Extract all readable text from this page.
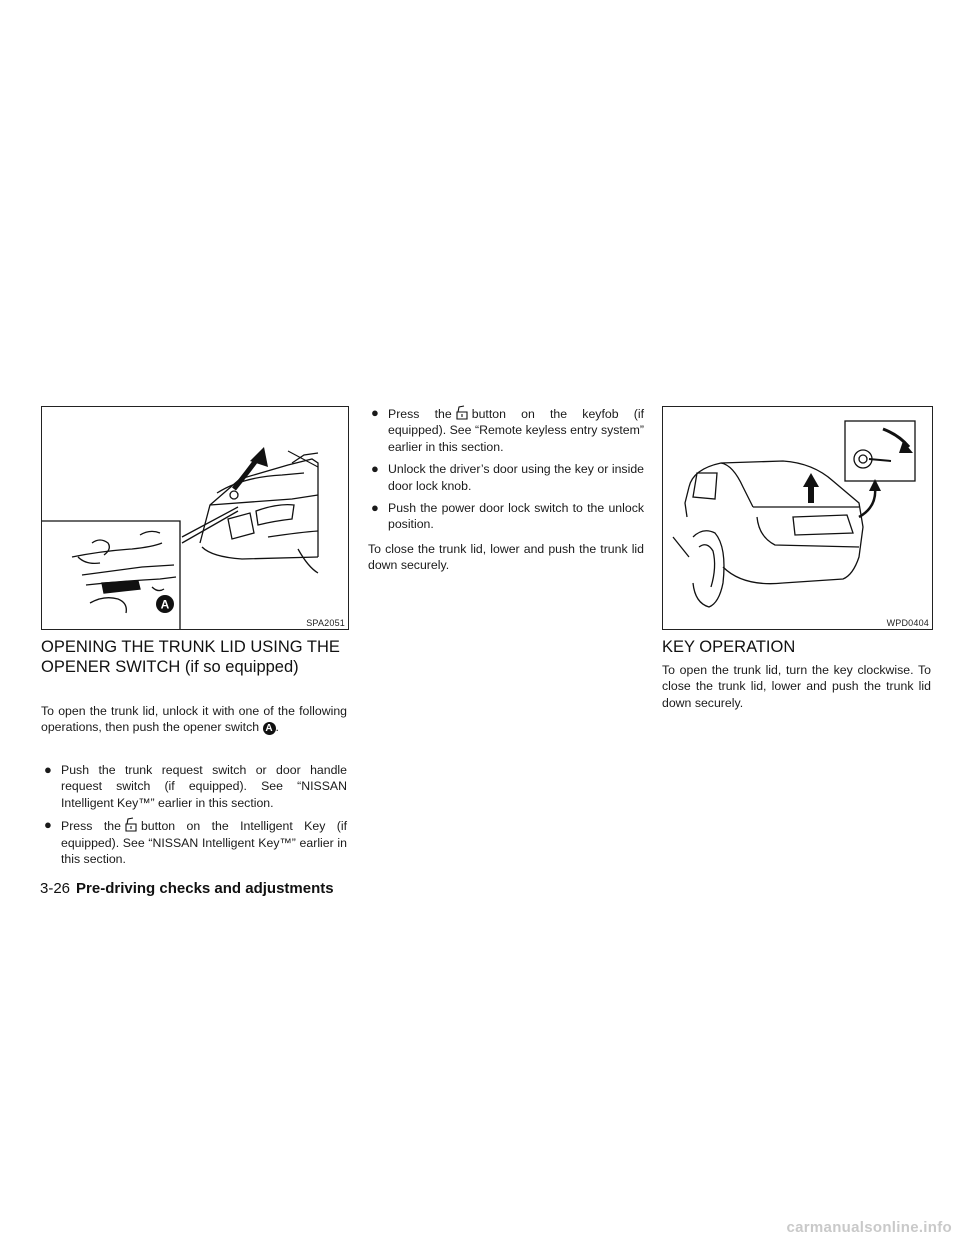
A
SPA2051	WPD0404
OPENING THE TRUNK LID USING THE OPENER SWITCH (if so equipped)

To open the trunk lid, unlock it with one of the following operations, then push the opener switch A .

● Push the trunk request switch or door handle request switch (if equipped). See “NISSAN Intelligent Key™” earlier in this section.
● Press the button on the Intelligent Key (if equipped). See “NISSAN Intelligent Key™” earlier in this section.
● Press the button on the keyfob (if equipped). See “Remote keyless entry system” earlier in this section.
● Unlock the driver’s door using the key or inside door lock knob.
● Push the power door lock switch to the unlock position.

To close the trunk lid, lower and push the trunk lid down securely.

KEY OPERATION

To open the trunk lid, turn the key clockwise. To close the trunk lid, lower and push the trunk lid down securely.

3-26 Pre-driving checks and adjustments
carmanualsonline.info
